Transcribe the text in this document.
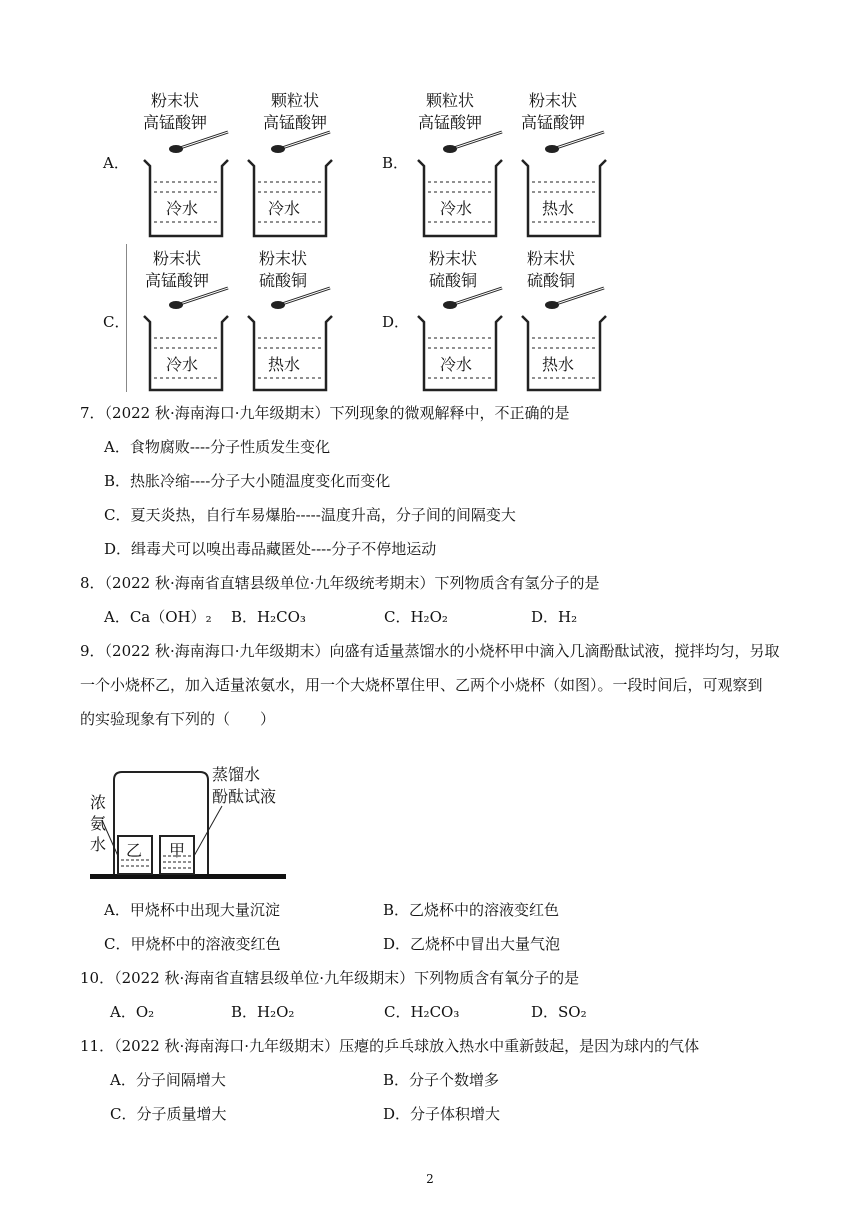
A．
粉末状
高锰酸钾
颗粒状
高锰酸钾
冷水	冷水
B．
颗粒状
高锰酸钾
粉末状
高锰酸钾
冷水	热水
C．
粉末状
高锰酸钾
粉末状
硫酸铜
冷水	热水
D．
粉末状
硫酸铜
粉末状
硫酸铜
冷水	热水
7．（2022 秋·海南海口·九年级期末）下列现象的微观解释中，不正确的是
A．食物腐败----分子性质发生变化
B．热胀冷缩----分子大小随温度变化而变化
C．夏天炎热，自行车易爆胎-----温度升高，分子间的间隔变大
D．缉毒犬可以嗅出毒品藏匿处----分子不停地运动
8．（2022 秋·海南省直辖县级单位·九年级统考期末）下列物质含有氢分子的是
A．Ca（OH）₂ B．H₂CO₃	C．H₂O₂	D．H₂
9．（2022 秋·海南海口·九年级期末）向盛有适量蒸馏水的小烧杯甲中滴入几滴酚酞试液，搅拌均匀，另取
一个小烧杯乙，加入适量浓氨水，用一个大烧杯罩住甲、乙两个小烧杯（如图）。一段时间后，可观察到
的实验现象有下列的（　　）
浓
氨
水
蒸馏水
酚酞试液
乙 甲
A．甲烧杯中出现大量沉淀	B．乙烧杯中的溶液变红色
C．甲烧杯中的溶液变红色	D．乙烧杯中冒出大量气泡
10．（2022 秋·海南省直辖县级单位·九年级期末）下列物质含有氧分子的是
A．O₂	B．H₂O₂	C．H₂CO₃	D．SO₂
11．（2022 秋·海南海口·九年级期末）压瘪的乒乓球放入热水中重新鼓起，是因为球内的气体
A．分子间隔增大	B．分子个数增多
C．分子质量增大	D．分子体积增大
2
